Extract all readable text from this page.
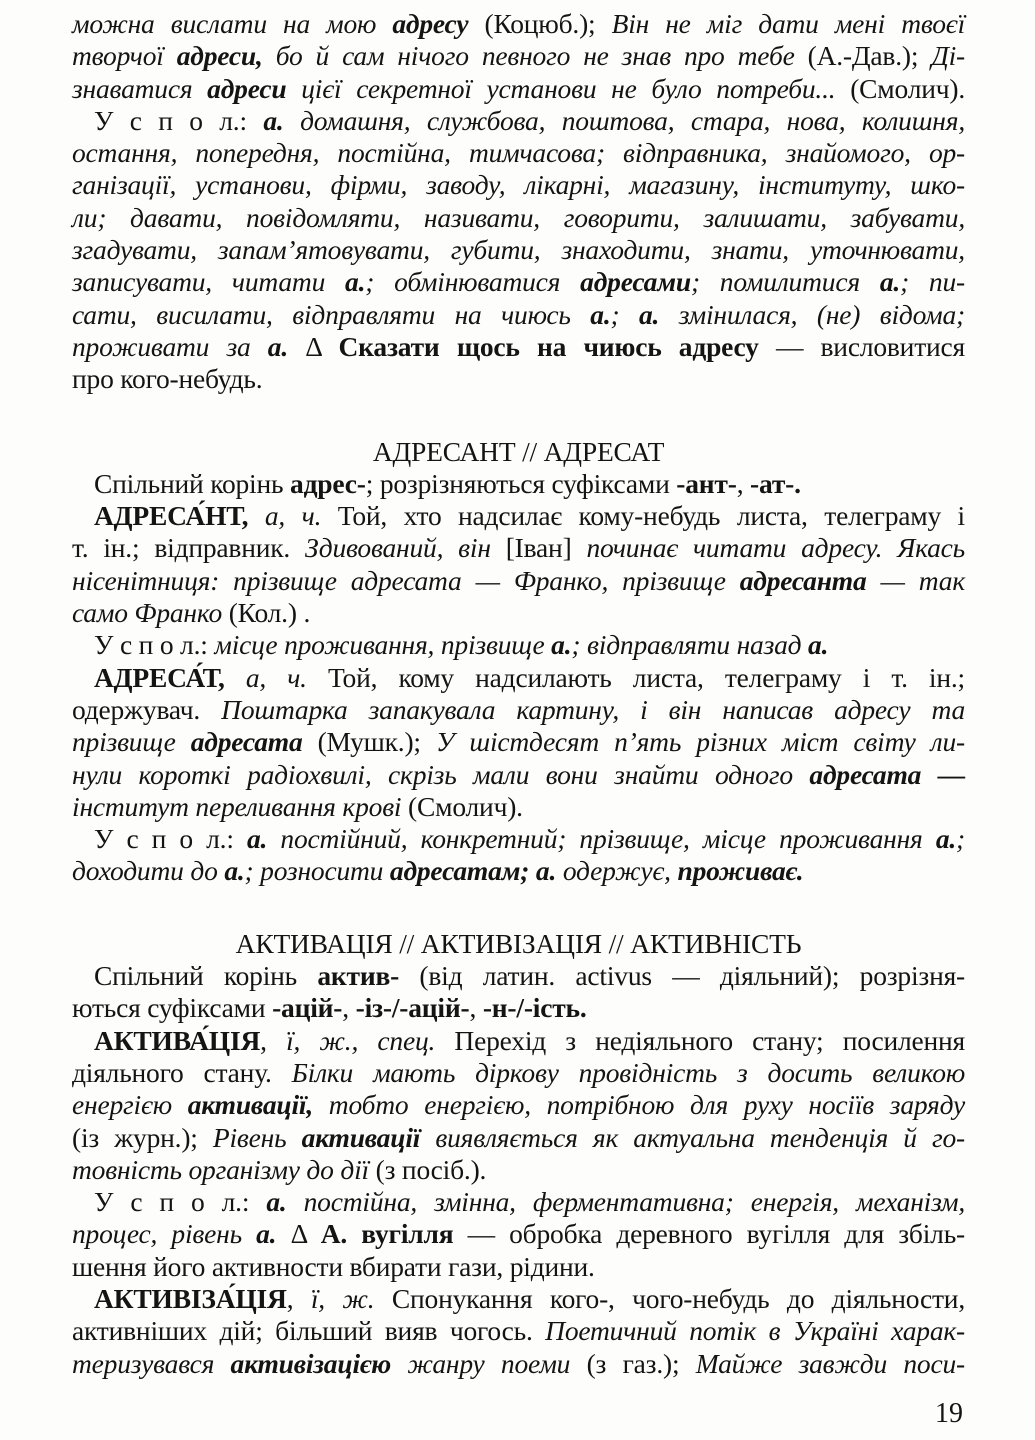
можна вислати на мою адресу (Коцюб.); Він не міг дати мені твоєї
творчої адреси, бо й сам нічого певного не знав про тебе (А.-Дав.); Ді-
знаватися адреси цієї секретної установи не було потреби... (Смолич).
У с п о л.: а. домашня, службова, поштова, стара, нова, колишня,
остання, попередня, постійна, тимчасова; відправника, знайомого, ор-
ганізації, установи, фірми, заводу, лікарні, магазину, інституту, шко-
ли; давати, повідомляти, називати, говорити, залишати, забувати,
згадувати, запам’ятовувати, губити, знаходити, знати, уточнювати,
записувати, читати а.; обмінюватися адресами; помилитися а.; пи-
сати, висилати, відправляти на чиюсь а.; а. змінилася, (не) відома;
проживати за а. Δ Сказати щось на чиюсь адресу — висловитися
про кого-небудь.
АДРЕСАНТ // АДРЕСАТ
Спільний корінь адрес-; розрізняються суфіксами -ант-, -ат-.
АДРЕСА́НТ, а, ч. Той, хто надсилає кому-небудь листа, телеграму і
т. ін.; відправник. Здивований, він [Іван] починає читати адресу. Якась
нісенітниця: прізвище адресата — Франко, прізвище адресанта — так
само Франко (Кол.) .
У с п о л.: місце проживання, прізвище а.; відправляти назад а.
АДРЕСА́Т, а, ч. Той, кому надсилають листа, телеграму і т. ін.;
одержувач. Поштарка запакувала картину, і він написав адресу та
прізвище адресата (Мушк.); У шістдесят п’ять різних міст світу ли-
нули короткі радіохвилі, скрізь мали вони знайти одного адресата —
інститут переливання крові (Смолич).
У с п о л.: а. постійний, конкретний; прізвище, місце проживання а.;
доходити до а.; розносити адресатам; а. одержує, проживає.
АКТИВАЦІЯ // АКТИВІЗАЦІЯ // АКТИВНІСТЬ
Спільний корінь актив- (від латин. activus — діяльний); розрізня-
ються суфіксами -ацій-, -із-/-ацій-, -н-/-ість.
АКТИВА́ЦІЯ, ї, ж., спец. Перехід з недіяльного стану; посилення
діяльного стану. Білки мають діркову провідність з досить великою
енергією активації, тобто енергією, потрібною для руху носіїв заряду
(із журн.); Рівень активації виявляється як актуальна тенденція й го-
товність організму до дії (з посіб.).
У с п о л.: а. постійна, змінна, ферментативна; енергія, механізм,
процес, рівень а. Δ А. вугілля — обробка деревного вугілля для збіль-
шення його активности вбирати гази, рідини.
АКТИВІЗА́ЦІЯ, ї, ж. Спонукання кого-, чого-небудь до діяльности,
активніших дій; більший вияв чогось. Поетичний потік в Україні харак-
теризувався активізацією жанру поеми (з газ.); Майже завжди поси-
19
